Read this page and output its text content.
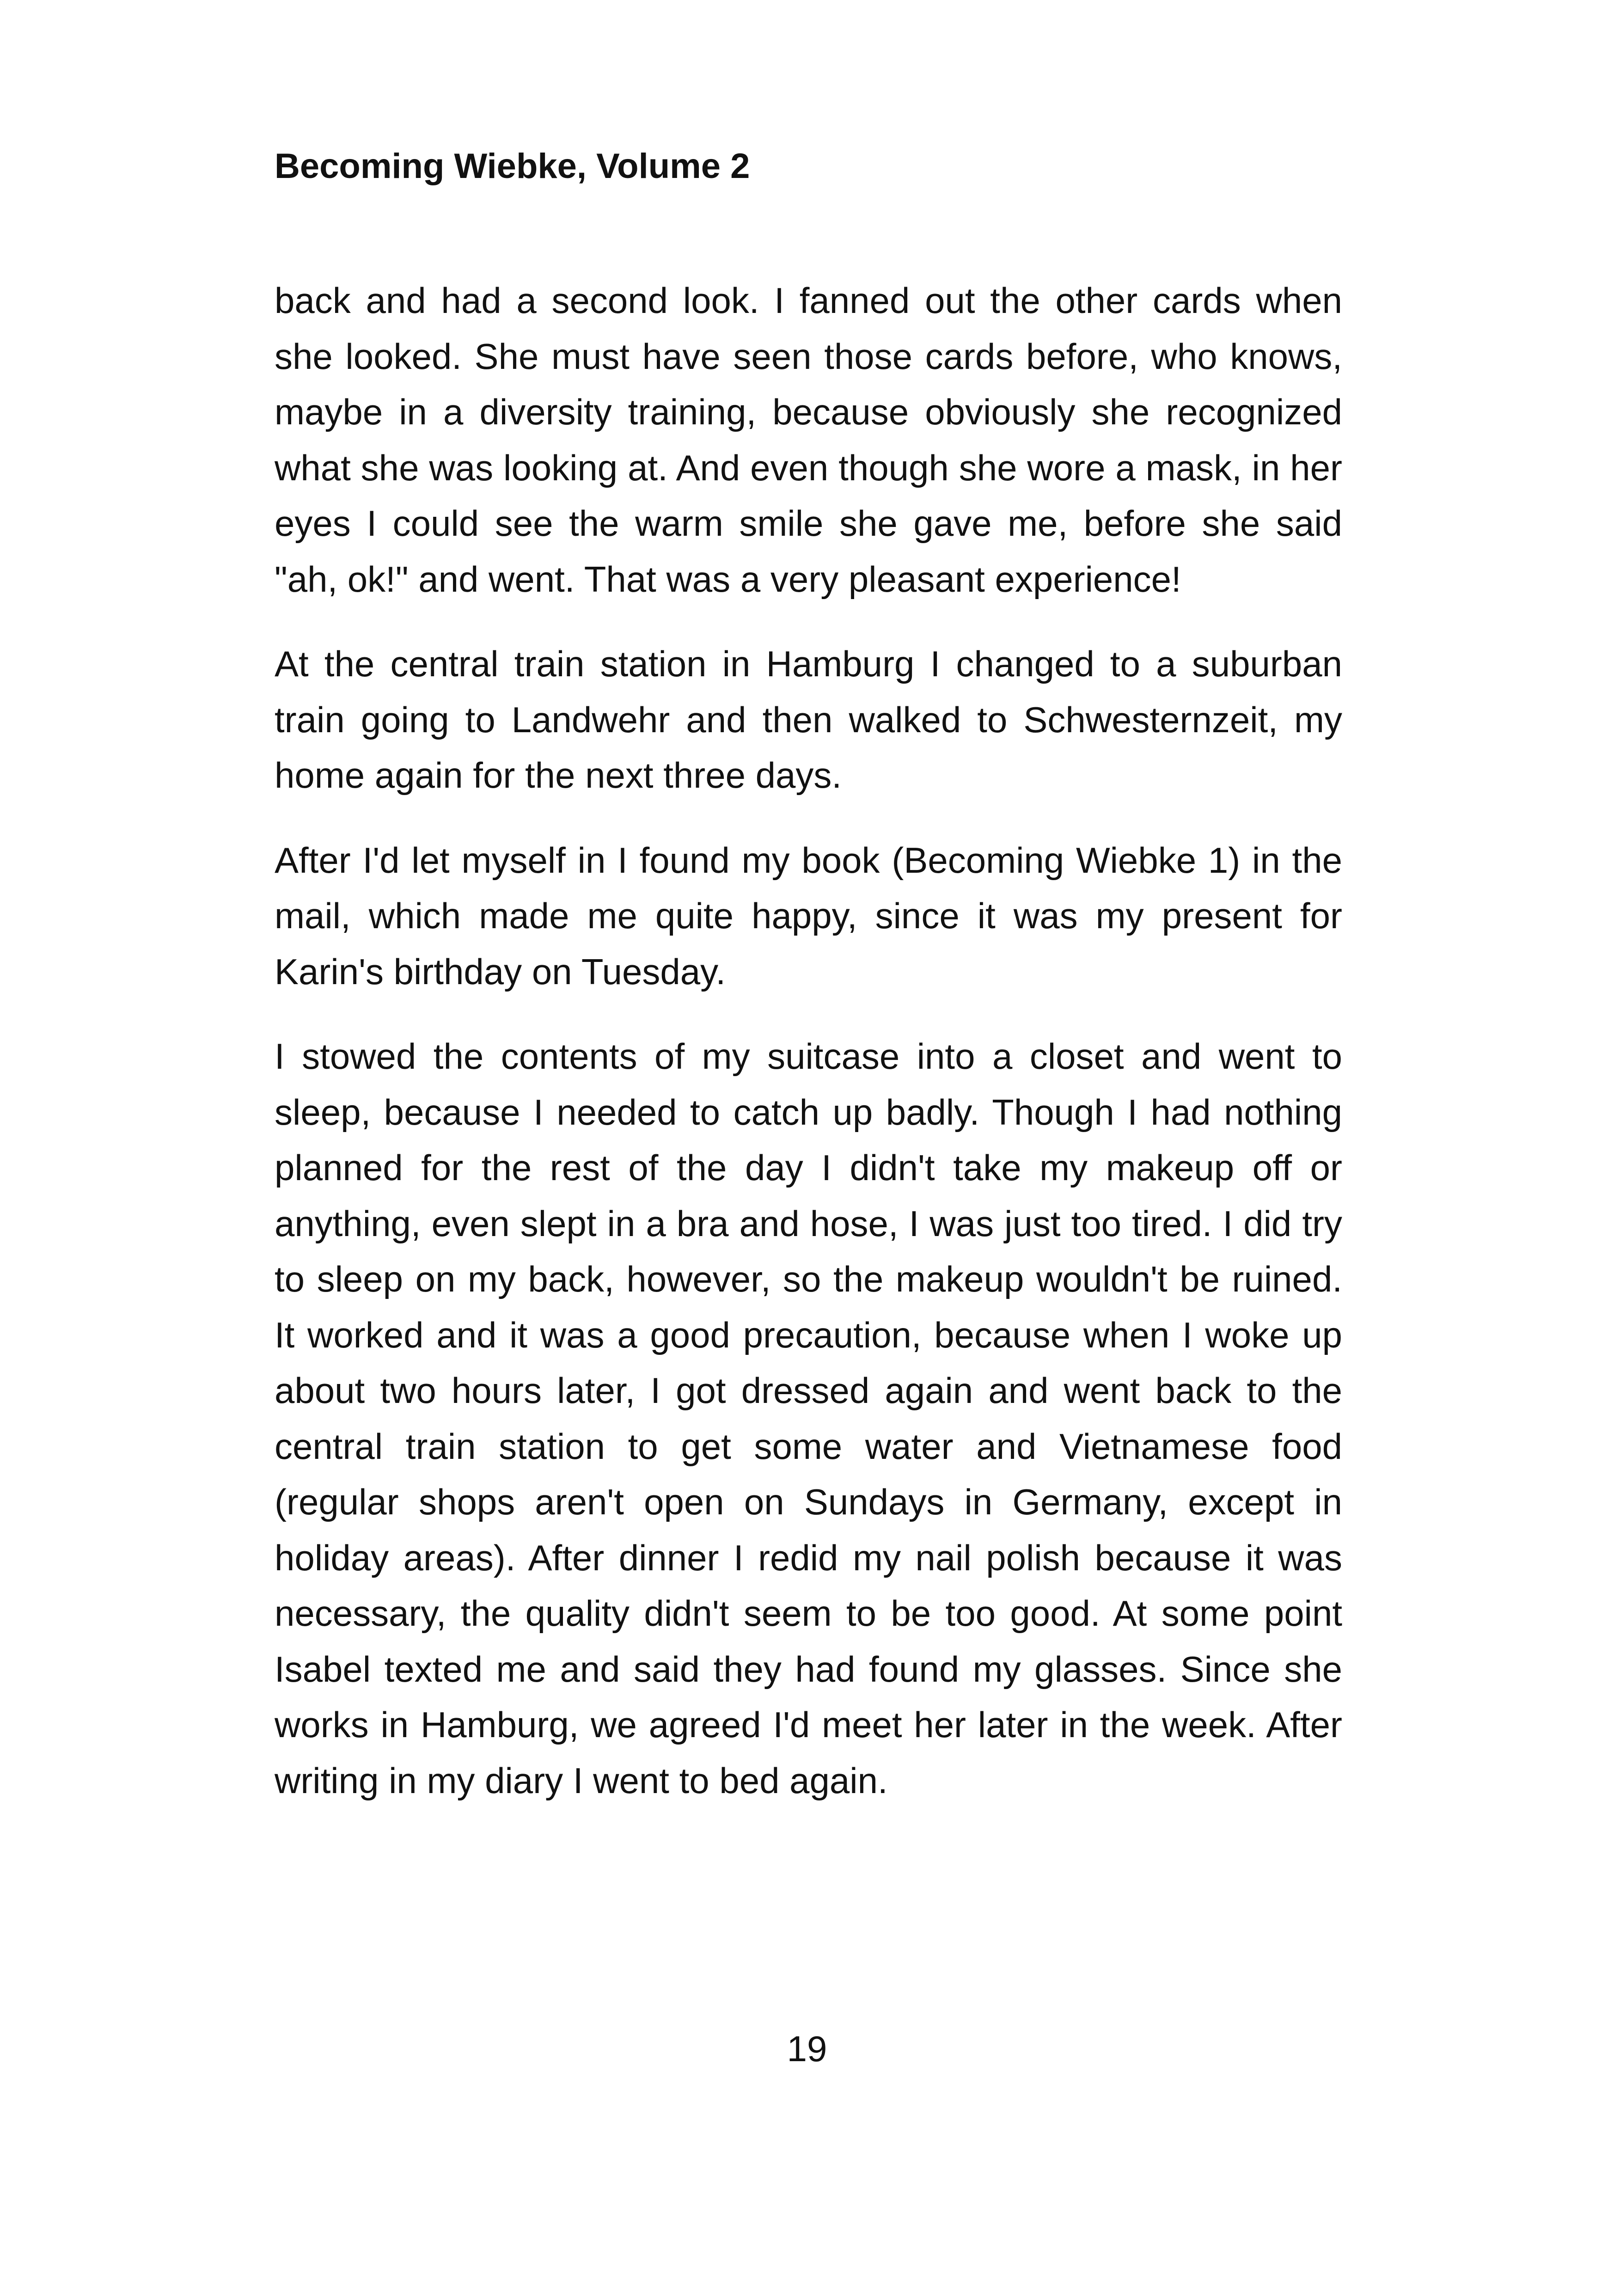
Becoming Wiebke, Volume 2

back and had a second look. I fanned out the other cards when she looked. She must have seen those cards before, who knows, maybe in a diversity training, because obviously she recognized what she was looking at. And even though she wore a mask, in her eyes I could see the warm smile she gave me, before she said "ah, ok!" and went. That was a very pleasant experience!

At the central train station in Hamburg I changed to a suburban train going to Landwehr and then walked to Schwesternzeit, my home again for the next three days.

After I'd let myself in I found my book (Becoming Wiebke 1) in the mail, which made me quite happy, since it was my present for Karin's birthday on Tuesday.

I stowed the contents of my suitcase into a closet and went to sleep, because I needed to catch up badly. Though I had nothing planned for the rest of the day I didn't take my makeup off or anything, even slept in a bra and hose, I was just too tired. I did try to sleep on my back, however, so the makeup wouldn't be ruined. It worked and it was a good precaution, because when I woke up about two hours later, I got dressed again and went back to the central train station to get some water and Vietnamese food (regular shops aren't open on Sundays in Germany, except in holiday areas). After dinner I redid my nail polish because it was necessary, the quality didn't seem to be too good. At some point Isabel texted me and said they had found my glasses. Since she works in Hamburg, we agreed I'd meet her later in the week. After writing in my diary I went to bed again.

19
